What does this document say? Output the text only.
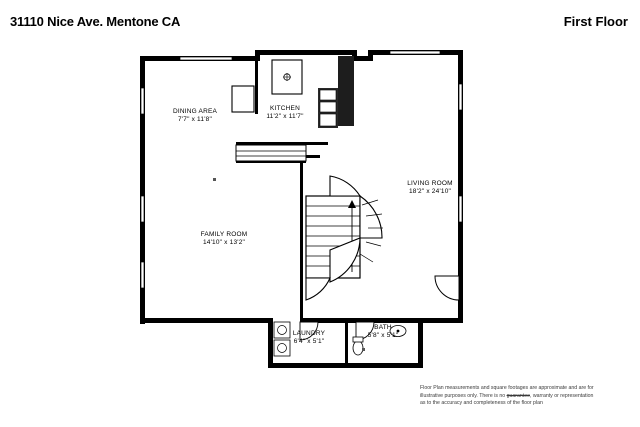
31110 Nice Ave. Mentone CA	First Floor
DINING AREA
7'7" x 11'8"
KITCHEN
11'2" x 11'7"
LIVING ROOM
18'2" x 24'10"
FAMILY ROOM
14'10" x 13'2"
LAUNDRY
6'4" x 5'1"
BATH
5'8" x 5'1"
Floor Plan measurements and square footages are approximate and are for
illustrative purposes only. There is no guarantee, warranty or representation
as to the accuracy and completeness of the floor plan
